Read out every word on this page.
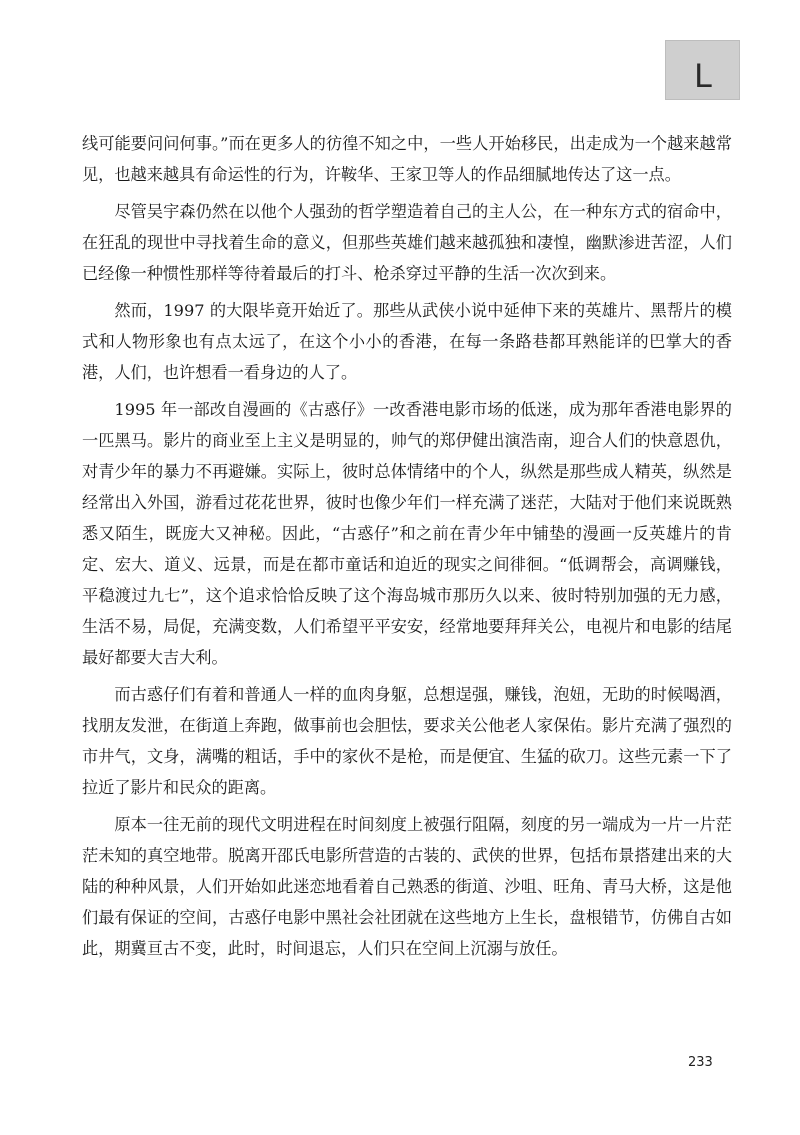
L

线可能要问问何事。”而在更多人的彷徨不知之中，一些人开始移民，出走成为一个越来越常见，也越来越具有命运性的行为，许鞍华、王家卫等人的作品细腻地传达了这一点。

尽管吴宇森仍然在以他个人强劲的哲学塑造着自己的主人公，在一种东方式的宿命中，在狂乱的现世中寻找着生命的意义，但那些英雄们越来越孤独和凄惶，幽默渗进苦涩，人们已经像一种惯性那样等待着最后的打斗、枪杀穿过平静的生活一次次到来。

然而，1997 的大限毕竟开始近了。那些从武侠小说中延伸下来的英雄片、黑帮片的模式和人物形象也有点太远了，在这个小小的香港，在每一条路巷都耳熟能详的巴掌大的香港，人们，也许想看一看身边的人了。

1995 年一部改自漫画的《古惑仔》一改香港电影市场的低迷，成为那年香港电影界的一匹黑马。影片的商业至上主义是明显的，帅气的郑伊健出演浩南，迎合人们的快意恩仇，对青少年的暴力不再避嫌。实际上，彼时总体情绪中的个人，纵然是那些成人精英，纵然是经常出入外国，游看过花花世界，彼时也像少年们一样充满了迷茫，大陆对于他们来说既熟悉又陌生，既庞大又神秘。因此，“古惑仔”和之前在青少年中铺垫的漫画一反英雄片的肯定、宏大、道义、远景，而是在都市童话和迫近的现实之间徘徊。“低调帮会，高调赚钱，平稳渡过九七”，这个追求恰恰反映了这个海岛城市那历久以来、彼时特别加强的无力感，生活不易，局促，充满变数，人们希望平平安安，经常地要拜拜关公，电视片和电影的结尾最好都要大吉大利。

而古惑仔们有着和普通人一样的血肉身躯，总想逞强，赚钱，泡妞，无助的时候喝酒，找朋友发泄，在街道上奔跑，做事前也会胆怯，要求关公他老人家保佑。影片充满了强烈的市井气，文身，满嘴的粗话，手中的家伙不是枪，而是便宜、生猛的砍刀。这些元素一下了拉近了影片和民众的距离。

原本一往无前的现代文明进程在时间刻度上被强行阻隔，刻度的另一端成为一片一片茫茫未知的真空地带。脱离开邵氏电影所营造的古装的、武侠的世界，包括布景搭建出来的大陆的种种风景，人们开始如此迷恋地看着自己熟悉的街道、沙咀、旺角、青马大桥，这是他们最有保证的空间，古惑仔电影中黑社会社团就在这些地方上生长，盘根错节，仿佛自古如此，期冀亘古不变，此时，时间退忘，人们只在空间上沉溺与放任。

233
